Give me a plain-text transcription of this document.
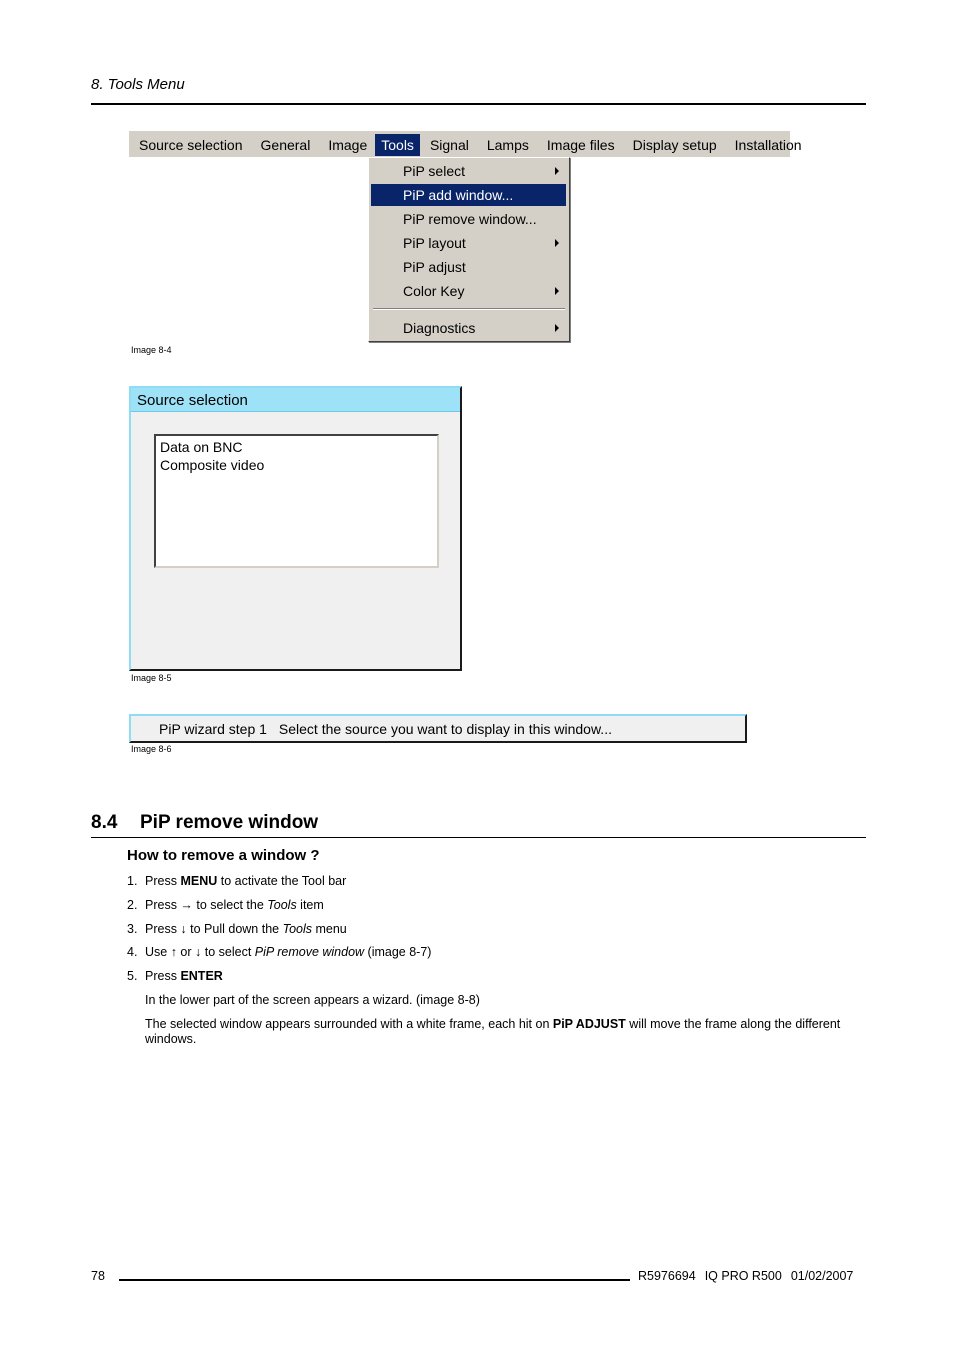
8. Tools Menu
Source selection	General	Image	Tools	Signal	Lamps	Image files	Display setup	Installation
PiP select
PiP add window...
PiP remove window...
PiP layout
PiP adjust
Color Key
Diagnostics
Image 8-4
Source selection
Data on BNC
Composite video
Image 8-5
PiP wizard step 1 Select the source you want to display in this window...
Image 8-6
8.4 PiP remove window
How to remove a window ?
1. Press MENU to activate the Tool bar
2. Press → to select the Tools item
3. Press ↓ to Pull down the Tools menu
4. Use ↑ or ↓ to select PiP remove window (image 8-7)
5. Press ENTER
In the lower part of the screen appears a wizard. (image 8-8)
The selected window appears surrounded with a white frame, each hit on PiP ADJUST will move the frame along the different windows.
78	R5976694 IQ PRO R500 01/02/2007
